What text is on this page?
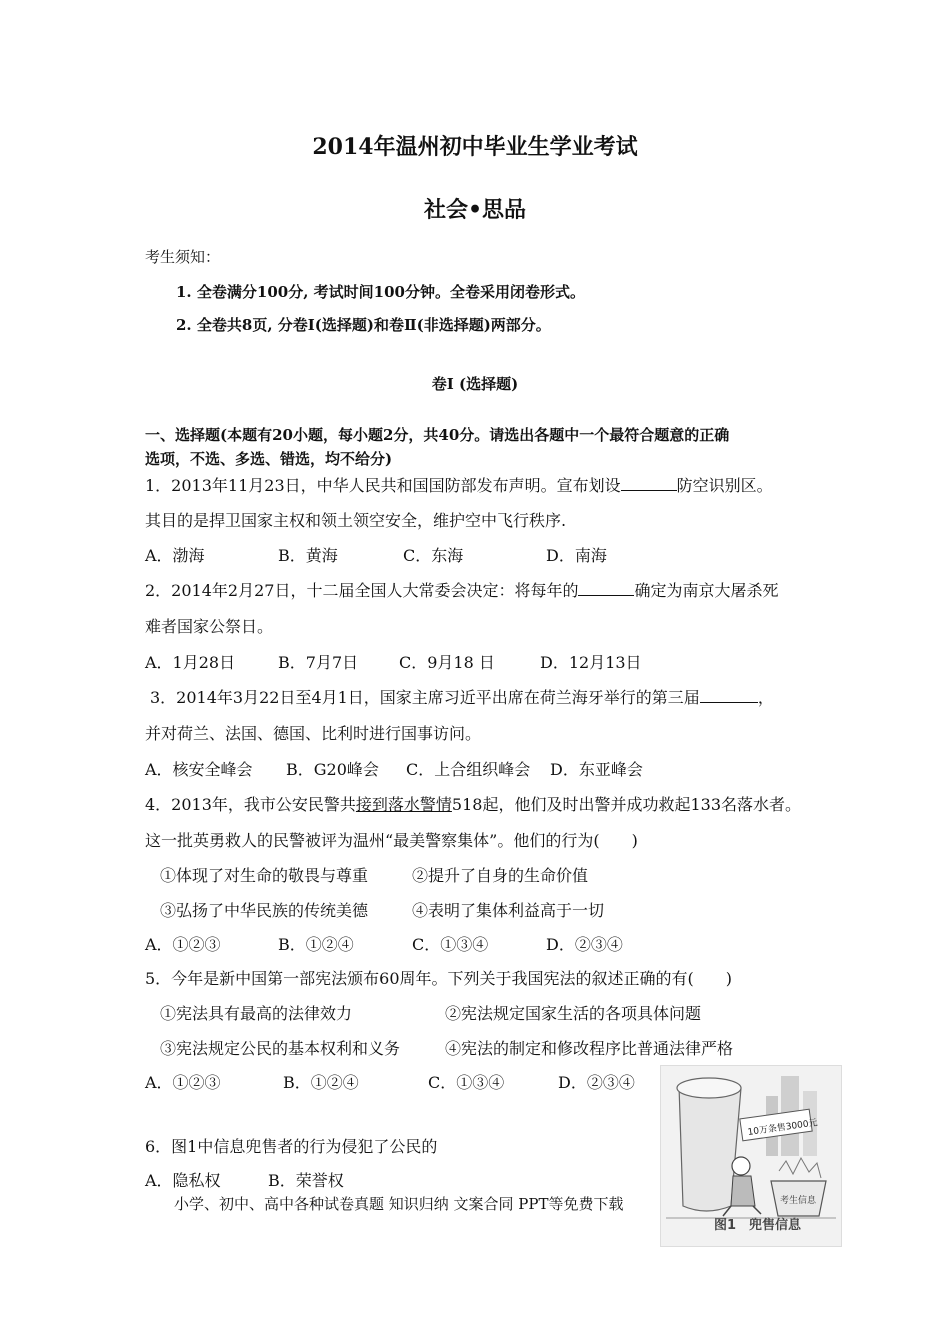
2014年温州初中毕业生学业考试
社会•思品
考生须知：
1. 全卷满分100分, 考试时间100分钟。全卷采用闭卷形式。
2. 全卷共8页, 分卷Ⅰ(选择题)和卷Ⅱ(非选择题)两部分。
卷Ⅰ (选择题)
一、选择题(本题有20小题，每小题2分，共40分。请选出各题中一个最符合题意的正确
选项，不选、多选、错选，均不给分)
1．2013年11月23日，中华人民共和国国防部发布声明。宣布划设	防空识别区。
其目的是捍卫国家主权和领土领空安全，维护空中飞行秩序.
A．渤海	B．黄海	C．东海	D．南海
2．2014年2月27日，十二届全国人大常委会决定：将每年的	确定为南京大屠杀死
难者国家公祭日。
A．1月28日	B．7月7日	C．9月18 日	D．12月13日
3．2014年3月22日至4月1日，国家主席习近平出席在荷兰海牙举行的第三届	，
并对荷兰、法国、德国、比利时进行国事访问。
A．核安全峰会 B．G20峰会 C．上合组织峰会 D．东亚峰会
4．2013年，我市公安民警共接到落水警情518起，他们及时出警并成功救起133名落水者。
这一批英勇救人的民警被评为温州“最美警察集体”。他们的行为(　　)
①体现了对生命的敬畏与尊重	②提升了自身的生命价值
③弘扬了中华民族的传统美德	④表明了集体利益高于一切
A．①②③	B．①②④	C．①③④	D．②③④
5．今年是新中国第一部宪法颁布60周年。下列关于我国宪法的叙述正确的有(　　)
①宪法具有最高的法律效力	②宪法规定国家生活的各项具体问题
③宪法规定公民的基本权利和义务	④宪法的制定和修改程序比普通法律严格
A．①②③	B．①②④	C．①③④	D．②③④
6．图1中信息兜售者的行为侵犯了公民的
A．隐私权	B．荣誉权
小学、初中、高中各种试卷真题 知识归纳 文案合同 PPT等免费下载
10万条售3000元
考生信息
图1　兜售信息
